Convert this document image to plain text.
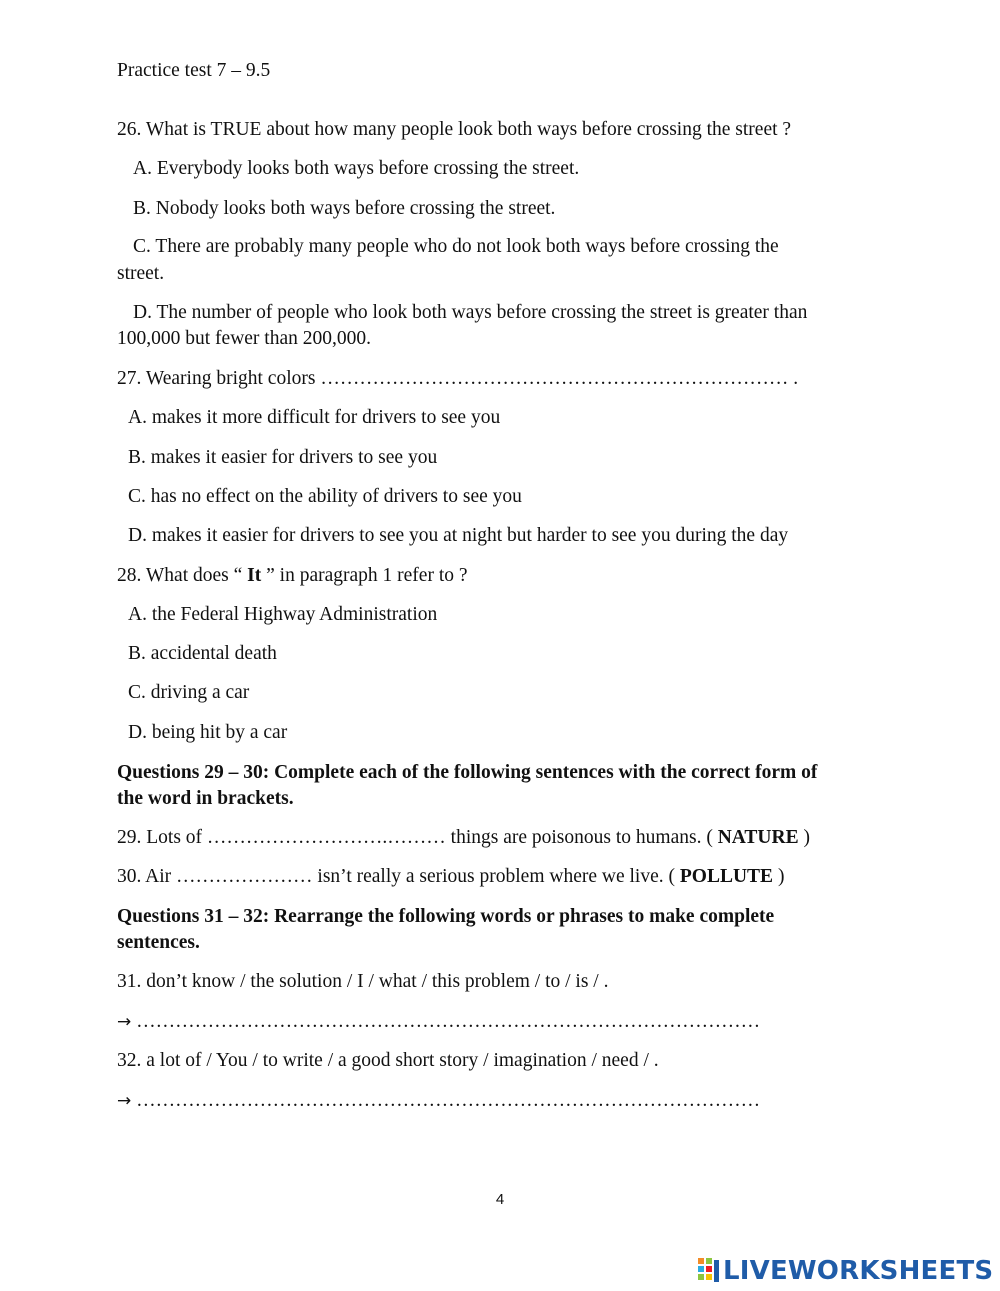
Practice test 7 – 9.5
26. What is TRUE about how many people look both ways before crossing the street ?
A. Everybody looks both ways before crossing the street.
B. Nobody looks both ways before crossing the street.
C. There are probably many people who do not look both ways before crossing the
street.
D. The number of people who look both ways before crossing the street is greater than
100,000 but fewer than 200,000.
27. Wearing bright colors ……………………………………………………………… .
A. makes it more difficult for drivers to see you
B. makes it easier for drivers to see you
C. has no effect on the ability of drivers to see you
D. makes it easier for drivers to see you at night but harder to see you during the day
28. What does “ It ” in paragraph 1 refer to ?
A. the Federal Highway Administration
B. accidental death
C. driving a car
D. being hit by a car
Questions 29 – 30: Complete each of the following sentences with the correct form of
the word in brackets.
29. Lots of ……………………….……… things are poisonous to humans. ( NATURE )
30. Air ………………… isn’t really a serious problem where we live. ( POLLUTE )
Questions 31 – 32: Rearrange the following words or phrases to make complete
sentences.
31. don’t know / the solution / I / what / this problem / to / is / .
→ ……………………………………………………………………………………
32. a lot of / You / to write / a good short story / imagination / need / .
→ ……………………………………………………………………………………
4
LIVEWORKSHEETS
